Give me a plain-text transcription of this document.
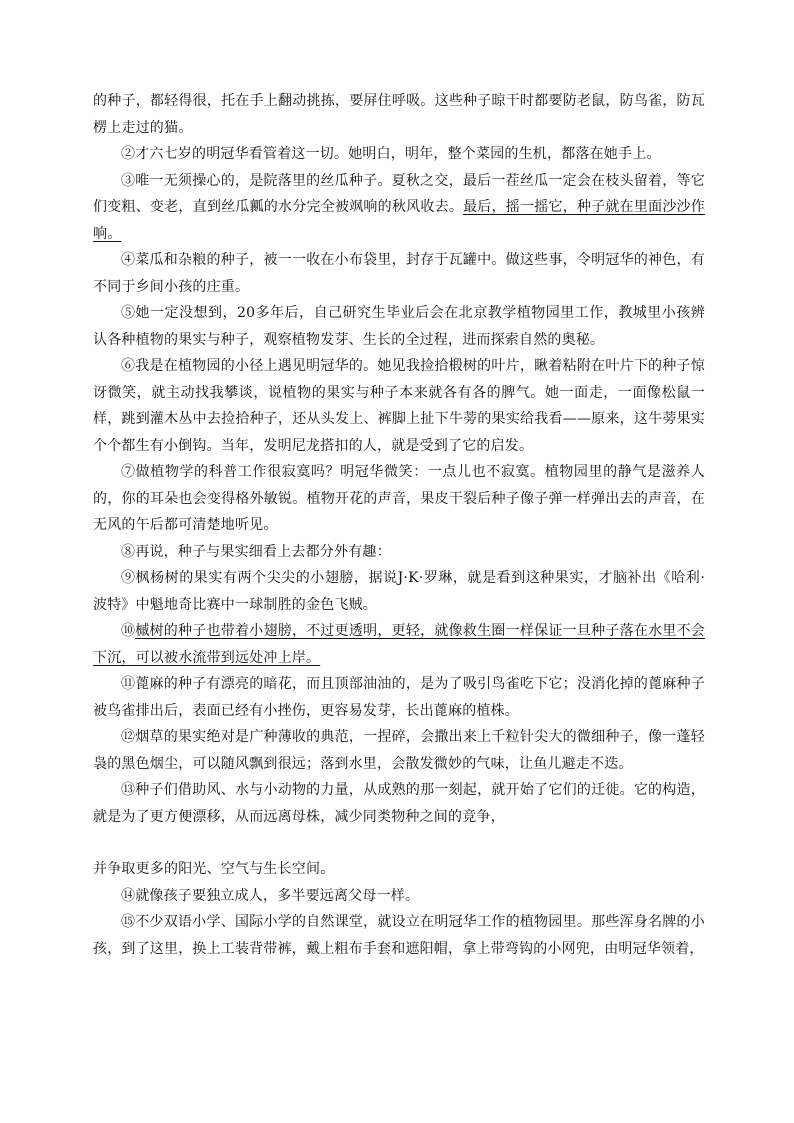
的种子，都轻得很，托在手上翻动挑拣，要屏住呼吸。这些种子晾干时都要防老鼠，防鸟雀，防瓦楞上走过的猫。

②才六七岁的明冠华看管着这一切。她明白，明年，整个菜园的生机，都落在她手上。

③唯一无须操心的，是院落里的丝瓜种子。夏秋之交，最后一茬丝瓜一定会在枝头留着，等它们变粗、变老，直到丝瓜瓤的水分完全被飒响的秋风收去。最后，摇一摇它，种子就在里面沙沙作响。

④菜瓜和杂粮的种子，被一一收在小布袋里，封存于瓦罐中。做这些事，令明冠华的神色，有不同于乡间小孩的庄重。

⑤她一定没想到，20多年后，自己研究生毕业后会在北京教学植物园里工作，教城里小孩辨认各种植物的果实与种子，观察植物发芽、生长的全过程，进而探索自然的奥秘。

⑥我是在植物园的小径上遇见明冠华的。她见我捡拾椴树的叶片，瞅着粘附在叶片下的种子惊讶微笑，就主动找我攀谈，说植物的果实与种子本来就各有各的脾气。她一面走，一面像松鼠一样，跳到灌木丛中去捡拾种子，还从头发上、裤脚上扯下牛蒡的果实给我看——原来，这牛蒡果实个个都生有小倒钩。当年，发明尼龙搭扣的人，就是受到了它的启发。

⑦做植物学的科普工作很寂寞吗？明冠华微笑：一点儿也不寂寞。植物园里的静气是滋养人的，你的耳朵也会变得格外敏锐。植物开花的声音，果皮干裂后种子像子弹一样弹出去的声音，在无风的午后都可清楚地听见。

⑧再说，种子与果实细看上去都分外有趣：

⑨枫杨树的果实有两个尖尖的小翅膀，据说J·K·罗琳，就是看到这种果实，才脑补出《哈利·波特》中魁地奇比赛中一球制胜的金色飞贼。

⑩槭树的种子也带着小翅膀，不过更透明，更轻，就像救生圈一样保证一旦种子落在水里不会下沉，可以被水流带到远处冲上岸。

⑪蓖麻的种子有漂亮的暗花，而且顶部油油的，是为了吸引鸟雀吃下它；没消化掉的蓖麻种子被鸟雀排出后，表面已经有小挫伤，更容易发芽，长出蓖麻的植株。

⑫烟草的果实绝对是广种薄收的典范，一捏碎，会撒出来上千粒针尖大的微细种子，像一蓬轻袅的黑色烟尘，可以随风飘到很远；落到水里，会散发微妙的气味，让鱼儿避走不迭。

⑬种子们借助风、水与小动物的力量，从成熟的那一刻起，就开始了它们的迁徙。它的构造，就是为了更方便漂移，从而远离母株，减少同类物种之间的竞争，

并争取更多的阳光、空气与生长空间。

⑭就像孩子要独立成人，多半要远离父母一样。

⑮不少双语小学、国际小学的自然课堂，就设立在明冠华工作的植物园里。那些浑身名牌的小孩，到了这里，换上工装背带裤，戴上粗布手套和遮阳帽，拿上带弯钩的小网兜，由明冠华领着，
